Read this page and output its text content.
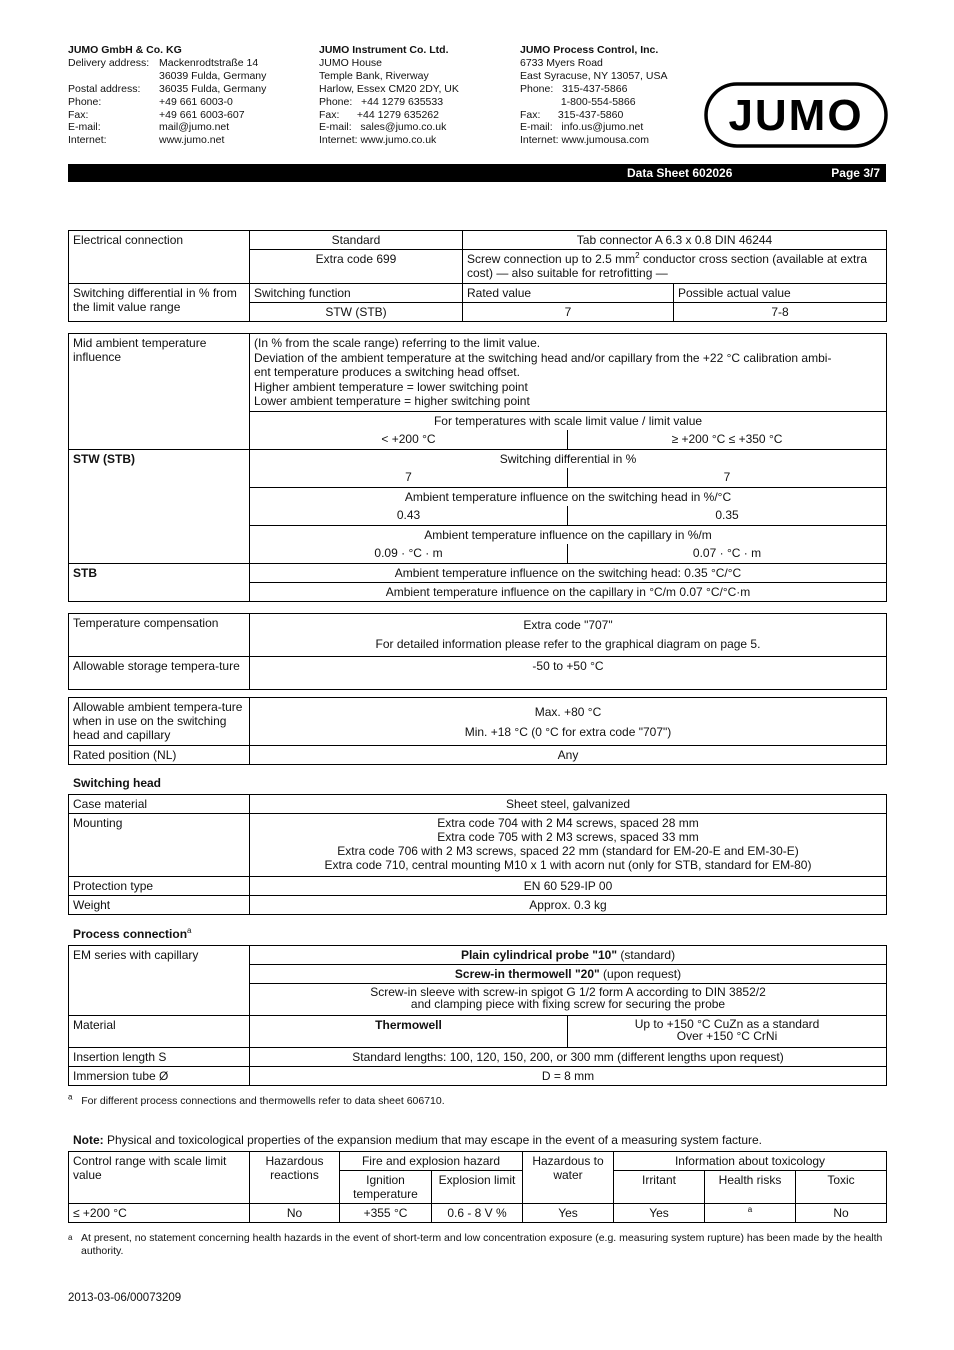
JUMO GmbH & Co. KG
Delivery address: Mackenrodtstraße 14
36039 Fulda, Germany
Postal address:	36035 Fulda, Germany
Phone:	+49 661 6003-0
Fax:	+49 661 6003-607
E-mail:	mail@jumo.net
Internet:	www.jumo.net
JUMO Instrument Co. Ltd.
JUMO House
Temple Bank, Riverway
Harlow, Essex CM20 2DY, UK
Phone:   +44 1279 635533
Fax:      +44 1279 635262
E-mail:   sales@jumo.co.uk
Internet: www.jumo.co.uk
JUMO Process Control, Inc.
6733 Myers Road
East Syracuse, NY 13057, USA
Phone:   315-437-5866
1-800-554-5866
Fax:      315-437-5860
E-mail:   info.us@jumo.net
Internet: www.jumousa.com
JUMO
Data Sheet 602026	Page 3/7
Electrical connection	Standard	Tab connector A 6.3 x 0.8 DIN 46244	
	Extra code 699	Screw connection up to 2.5 $mm^2$ conductor cross section (available at extra cost) — also suitable for retrofitting —	
Switching differential in % from the limit value range	Switching function	Rated value	Possible actual value
	STW (STB)	7	7-8
Mid ambient temperature influence	(In % from the scale range) referring to the limit value.
Deviation of the ambient temperature at the switching head and/or capillary from the +22 °C calibration ambi-
ent temperature produces a switching head offset.
Higher ambient temperature = lower switching point
Lower ambient temperature = higher switching point	

	For temperatures with scale limit value / limit value	
	< +200 °C	≥ +200 °C ≤ +350 °C
STW (STB)	Switching differential in %	
	7	7
	Ambient temperature influence on the switching head in %/°C	
	0.43	0.35
	Ambient temperature influence on the capillary in %/m	
	0.09 · °C · m	0.07 · °C · m
STB	Ambient temperature influence on the switching head: 0.35 °C/°C	
	Ambient temperature influence on the capillary in °C/m 0.07 °C/°C·m	
Temperature compensation	Extra code "707"
For detailed information please refer to the graphical diagram on page 5.

Allowable storage tempera-ture	-50 to +50 °C
Allowable ambient tempera-ture when in use on the switching head and capillary	Max. +80 °C
Min. +18 °C (0 °C for extra code "707")

Rated position (NL)	Any
Switching head
Case material	Sheet steel, galvanized
Mounting	Extra code 704 with 2 M4 screws, spaced 28 mm
Extra code 705 with 2 M3 screws, spaced 33 mm
Extra code 706 with 2 M3 screws, spaced 22 mm (standard for EM-20-E and EM-30-E)
Extra code 710, central mounting M10 x 1 with acorn nut (only for STB, standard for EM-80)

Protection type	EN 60 529-IP 00
Weight	Approx. 0.3 kg
Process connection$^a$
EM series with capillary	Plain cylindrical probe "10" (standard)	
	Screw-in thermowell "20" (upon request)	

	Screw-in sleeve with screw-in spigot G 1/2 form A according to DIN 3852/2
and clamping piece with fixing screw for securing the probe	

Material	Thermowell	Up to +150 °C CuZn as a standard
Over +150 °C CrNi

Insertion length S	Standard lengths: 100, 120, 150, 200, or 300 mm (different lengths upon request)	
Immersion tube Ø	D = 8 mm	
$^a$ For different process connections and thermowells refer to data sheet 606710.
Note: Physical and toxicological properties of the expansion medium that may escape in the event of a measuring system facture.
Control range with scale limit value	Hazardous reactions	Fire and explosion hazard		Hazardous to water	Information about toxicology		
		Ignition temperature	Explosion limit		Irritant	Health risks	Toxic
≤ +200 °C	No	+355 °C	0.6 - 8 V %	Yes	Yes	$^a$	No
a At present, no statement concerning health hazards in the event of short-term and low concentration exposure (e.g. measuring system rupture) has been made by the health authority.
2013-03-06/00073209
